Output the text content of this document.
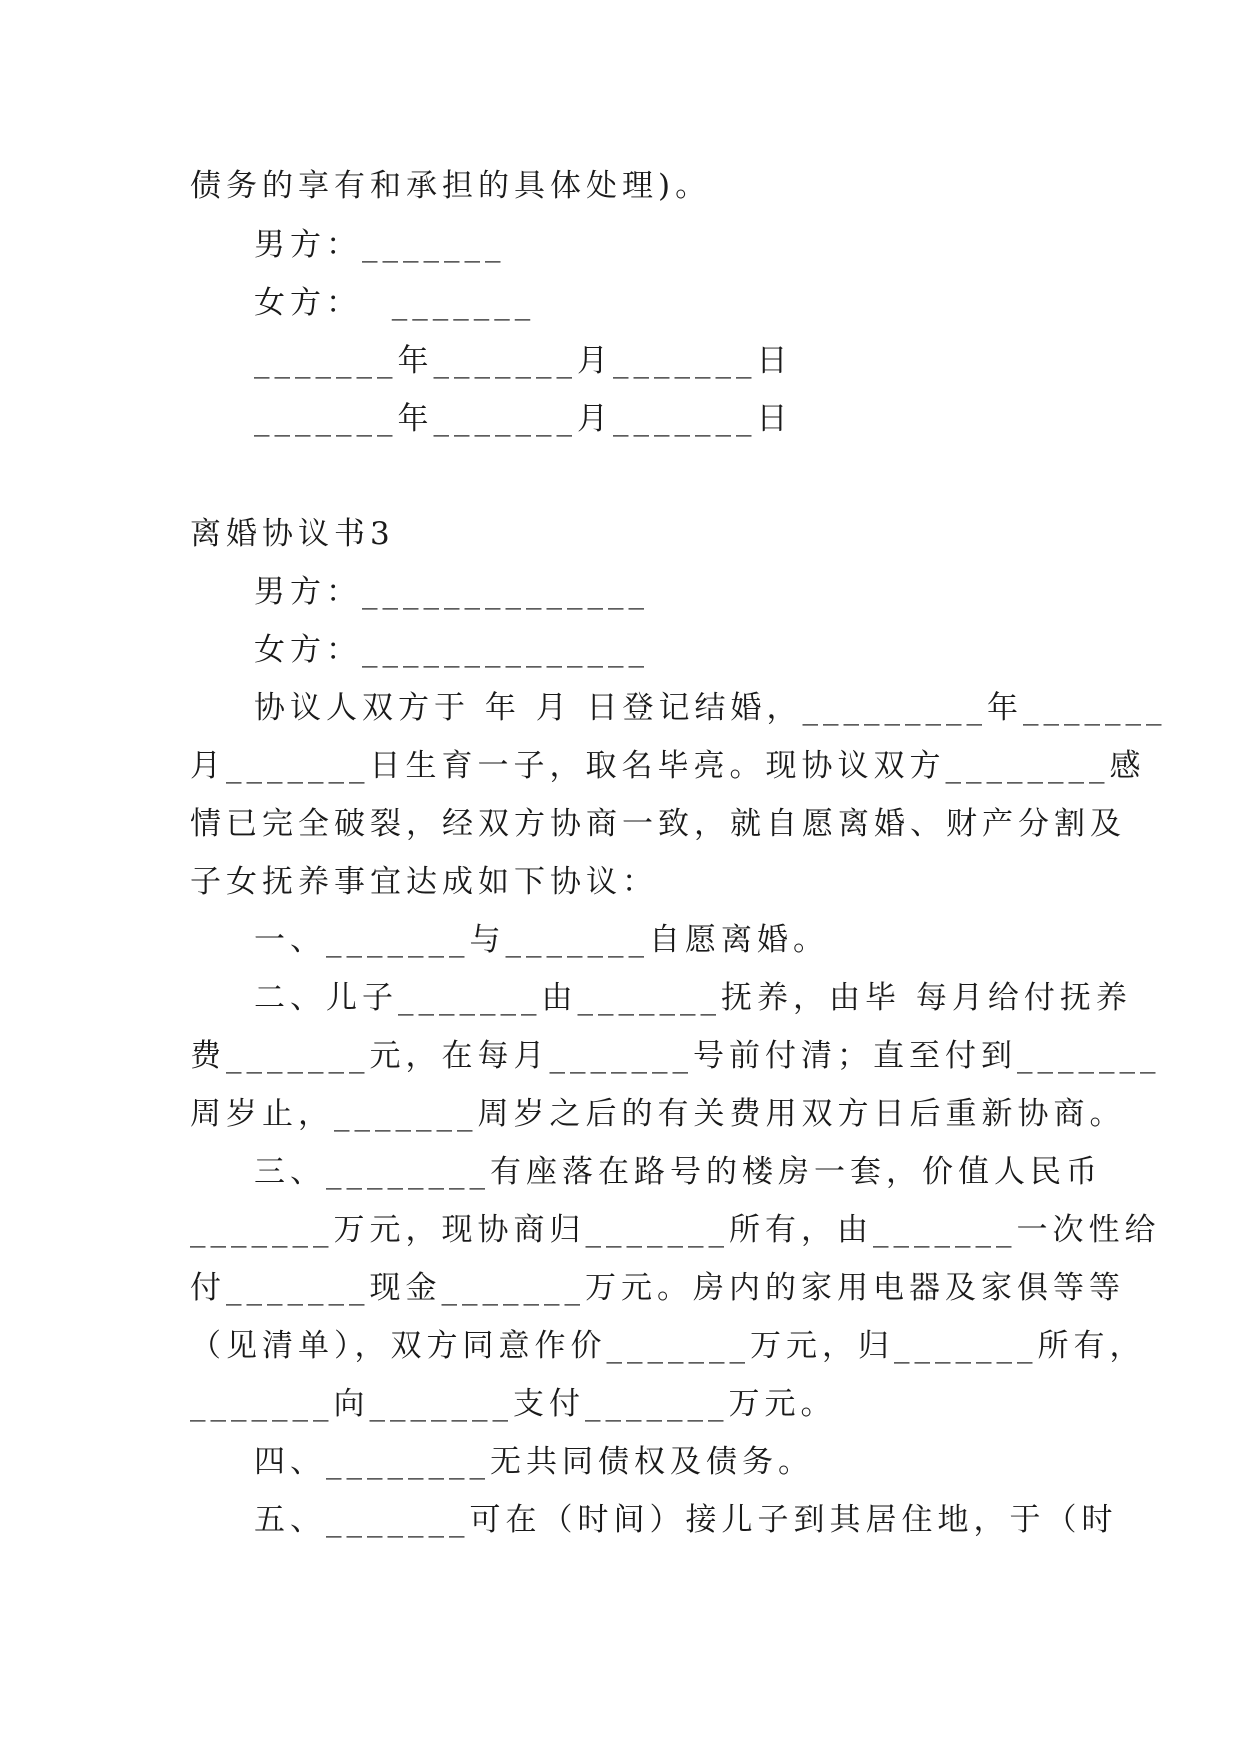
债务的享有和承担的具体处理)。
男方：_______
女方：  _______
_______年_______月_______日
_______年_______月_______日
离婚协议书3
男方：______________
女方：______________
协议人双方于 年 月 日登记结婚，_________年_______
月_______日生育一子，取名毕亮。现协议双方________感
情已完全破裂，经双方协商一致，就自愿离婚、财产分割及
子女抚养事宜达成如下协议：
一、_______与_______自愿离婚。
二、儿子_______由_______抚养，由毕 每月给付抚养
费_______元，在每月_______号前付清；直至付到_______
周岁止，_______周岁之后的有关费用双方日后重新协商。
三、________有座落在路号的楼房一套，价值人民币
_______万元，现协商归_______所有，由_______一次性给
付_______现金_______万元。房内的家用电器及家俱等等
（见清单），双方同意作价_______万元，归_______所有，
_______向_______支付_______万元。
四、________无共同债权及债务。
五、_______可在（时间）接儿子到其居住地，于（时
